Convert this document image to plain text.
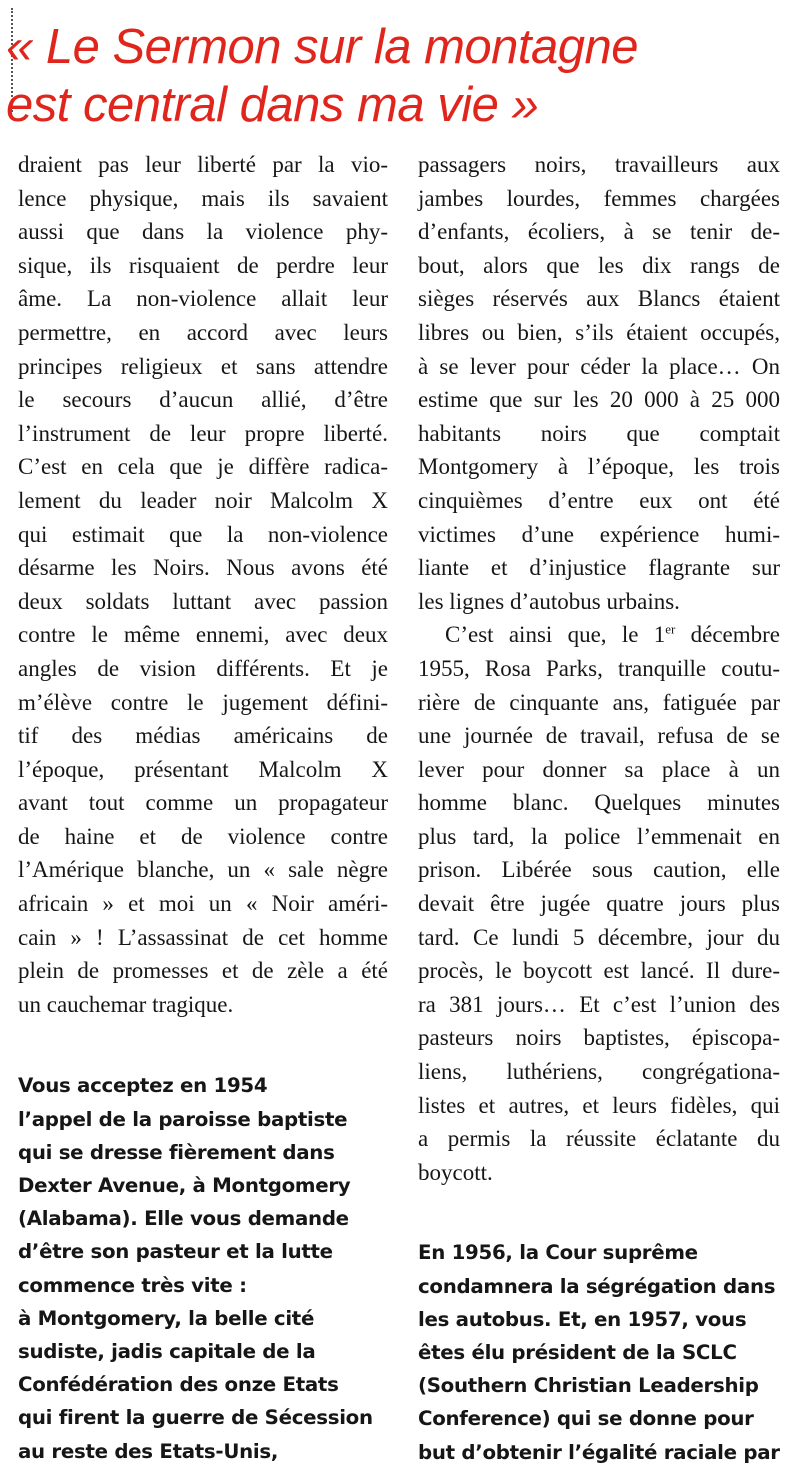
« Le Sermon sur la montagne
est central dans ma vie »
draient pas leur liberté par la vio-
lence physique, mais ils savaient
aussi que dans la violence phy-
sique, ils risquaient de perdre leur
âme. La non-violence allait leur
permettre, en accord avec leurs
principes religieux et sans attendre
le secours d’aucun allié, d’être
l’instrument de leur propre liberté.
C’est en cela que je diffère radica-
lement du leader noir Malcolm X
qui estimait que la non-violence
désarme les Noirs. Nous avons été
deux soldats luttant avec passion
contre le même ennemi, avec deux
angles de vision différents. Et je
m’élève contre le jugement défini-
tif des médias américains de
l’époque, présentant Malcolm X
avant tout comme un propagateur
de haine et de violence contre
l’Amérique blanche, un « sale nègre
africain » et moi un « Noir améri-
cain » ! L’assassinat de cet homme
plein de promesses et de zèle a été
un cauchemar tragique.
Vous acceptez en 1954
l’appel de la paroisse baptiste
qui se dresse fièrement dans
Dexter Avenue, à Montgomery
(Alabama). Elle vous demande
d’être son pasteur et la lutte
commence très vite :
à Montgomery, la belle cité
sudiste, jadis capitale de la
Confédération des onze Etats
qui firent la guerre de Sécession
au reste des Etats-Unis,
passagers noirs, travailleurs aux
jambes lourdes, femmes chargées
d’enfants, écoliers, à se tenir de-
bout, alors que les dix rangs de
sièges réservés aux Blancs étaient
libres ou bien, s’ils étaient occupés,
à se lever pour céder la place… On
estime que sur les 20 000 à 25 000
habitants noirs que comptait
Montgomery à l’époque, les trois
cinquièmes d’entre eux ont été
victimes d’une expérience humi-
liante et d’injustice flagrante sur
les lignes d’autobus urbains.
C’est ainsi que, le 1er décembre
1955, Rosa Parks, tranquille coutu-
rière de cinquante ans, fatiguée par
une journée de travail, refusa de se
lever pour donner sa place à un
homme blanc. Quelques minutes
plus tard, la police l’emmenait en
prison. Libérée sous caution, elle
devait être jugée quatre jours plus
tard. Ce lundi 5 décembre, jour du
procès, le boycott est lancé. Il dure-
ra 381 jours… Et c’est l’union des
pasteurs noirs baptistes, épiscopa-
liens, luthériens, congrégationa-
listes et autres, et leurs fidèles, qui
a permis la réussite éclatante du
boycott.
En 1956, la Cour suprême
condamnera la ségrégation dans
les autobus. Et, en 1957, vous
êtes élu président de la SCLC
(Southern Christian Leadership
Conference) qui se donne pour
but d’obtenir l’égalité raciale par
